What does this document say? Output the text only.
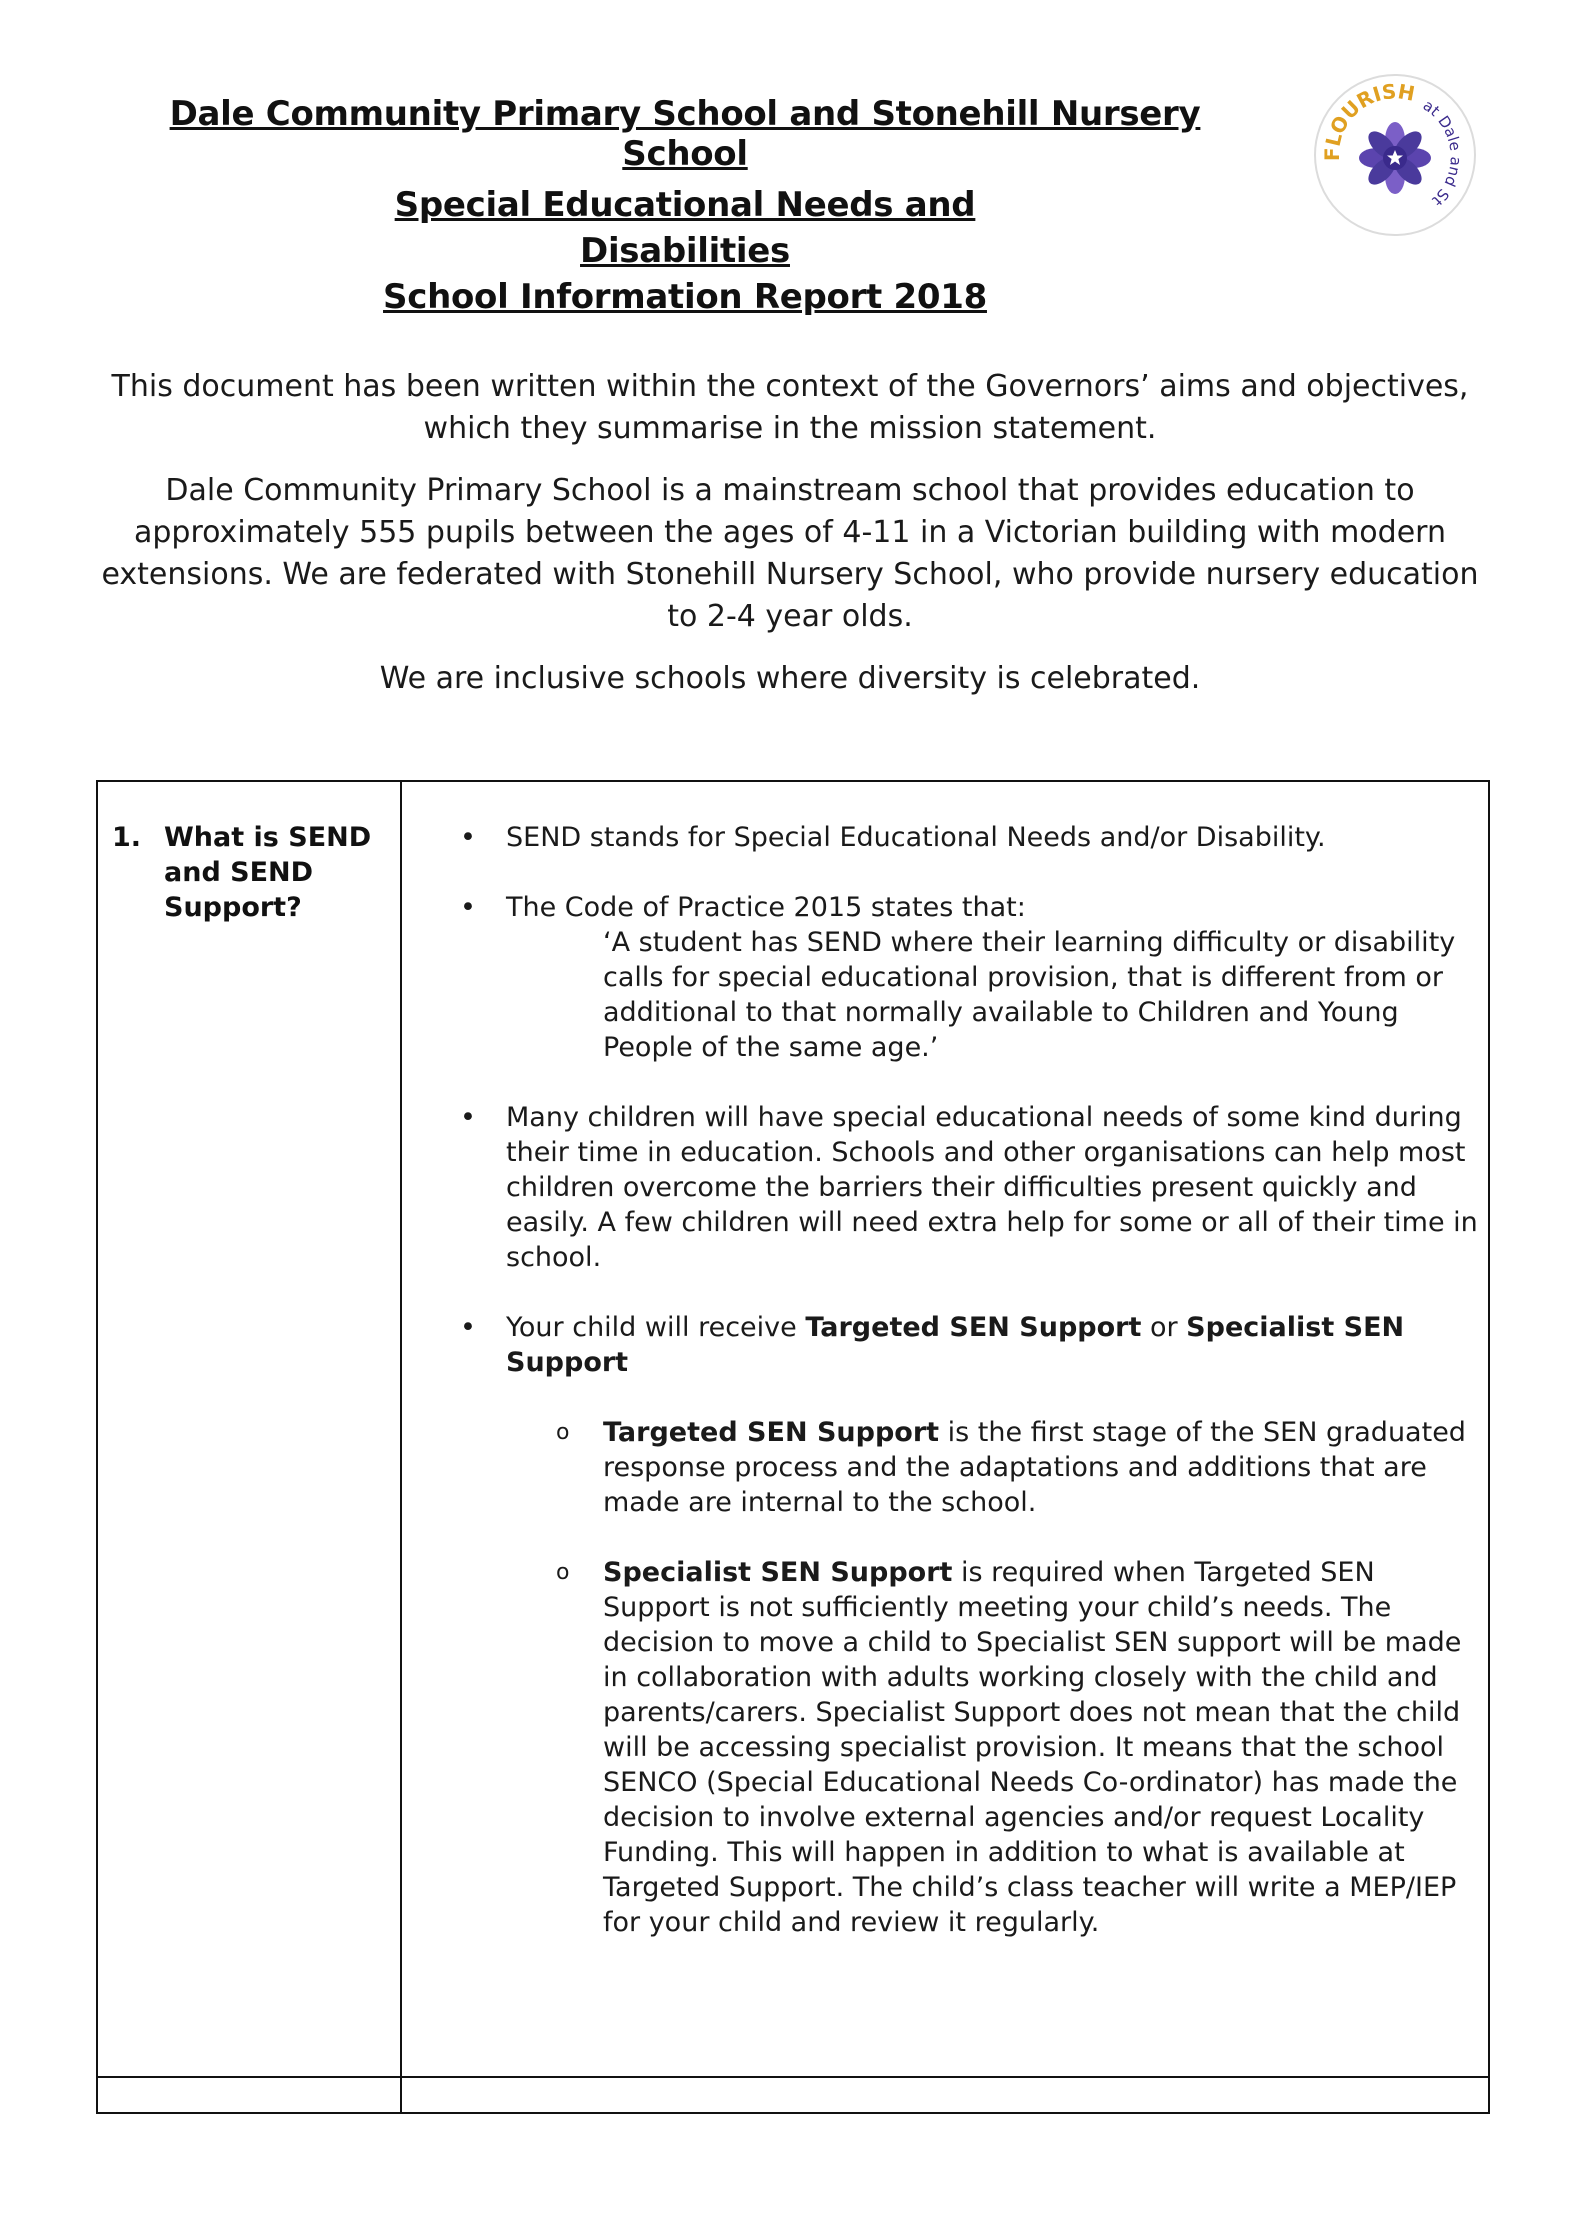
Dale Community Primary School and Stonehill Nursery School
Special Educational Needs and Disabilities
School Information Report 2018
FLOURISH
at Dale and St

This document has been written within the context of the Governors’ aims and objectives, which they summarise in the mission statement.

Dale Community Primary School is a mainstream school that provides education to approximately 555 pupils between the ages of 4-11 in a Victorian building with modern extensions. We are federated with Stonehill Nursery School, who provide nursery education to 2-4 year olds.

We are inclusive schools where diversity is celebrated.

1. What is SEND and SEND Support?
• SEND stands for Special Educational Needs and/or Disability.
• The Code of Practice 2015 states that:
‘A student has SEND where their learning difficulty or disability calls for special educational provision, that is different from or additional to that normally available to Children and Young People of the same age.’
• Many children will have special educational needs of some kind during their time in education. Schools and other organisations can help most children overcome the barriers their difficulties present quickly and easily. A few children will need extra help for some or all of their time in school.
• Your child will receive Targeted SEN Support or Specialist SEN Support
o Targeted SEN Support is the first stage of the SEN graduated response process and the adaptations and additions that are made are internal to the school.
o Specialist SEN Support is required when Targeted SEN Support is not sufficiently meeting your child’s needs. The decision to move a child to Specialist SEN support will be made in collaboration with adults working closely with the child and parents/carers. Specialist Support does not mean that the child will be accessing specialist provision. It means that the school SENCO (Special Educational Needs Co-ordinator) has made the decision to involve external agencies and/or request Locality Funding. This will happen in addition to what is available at Targeted Support. The child’s class teacher will write a MEP/IEP for your child and review it regularly.
